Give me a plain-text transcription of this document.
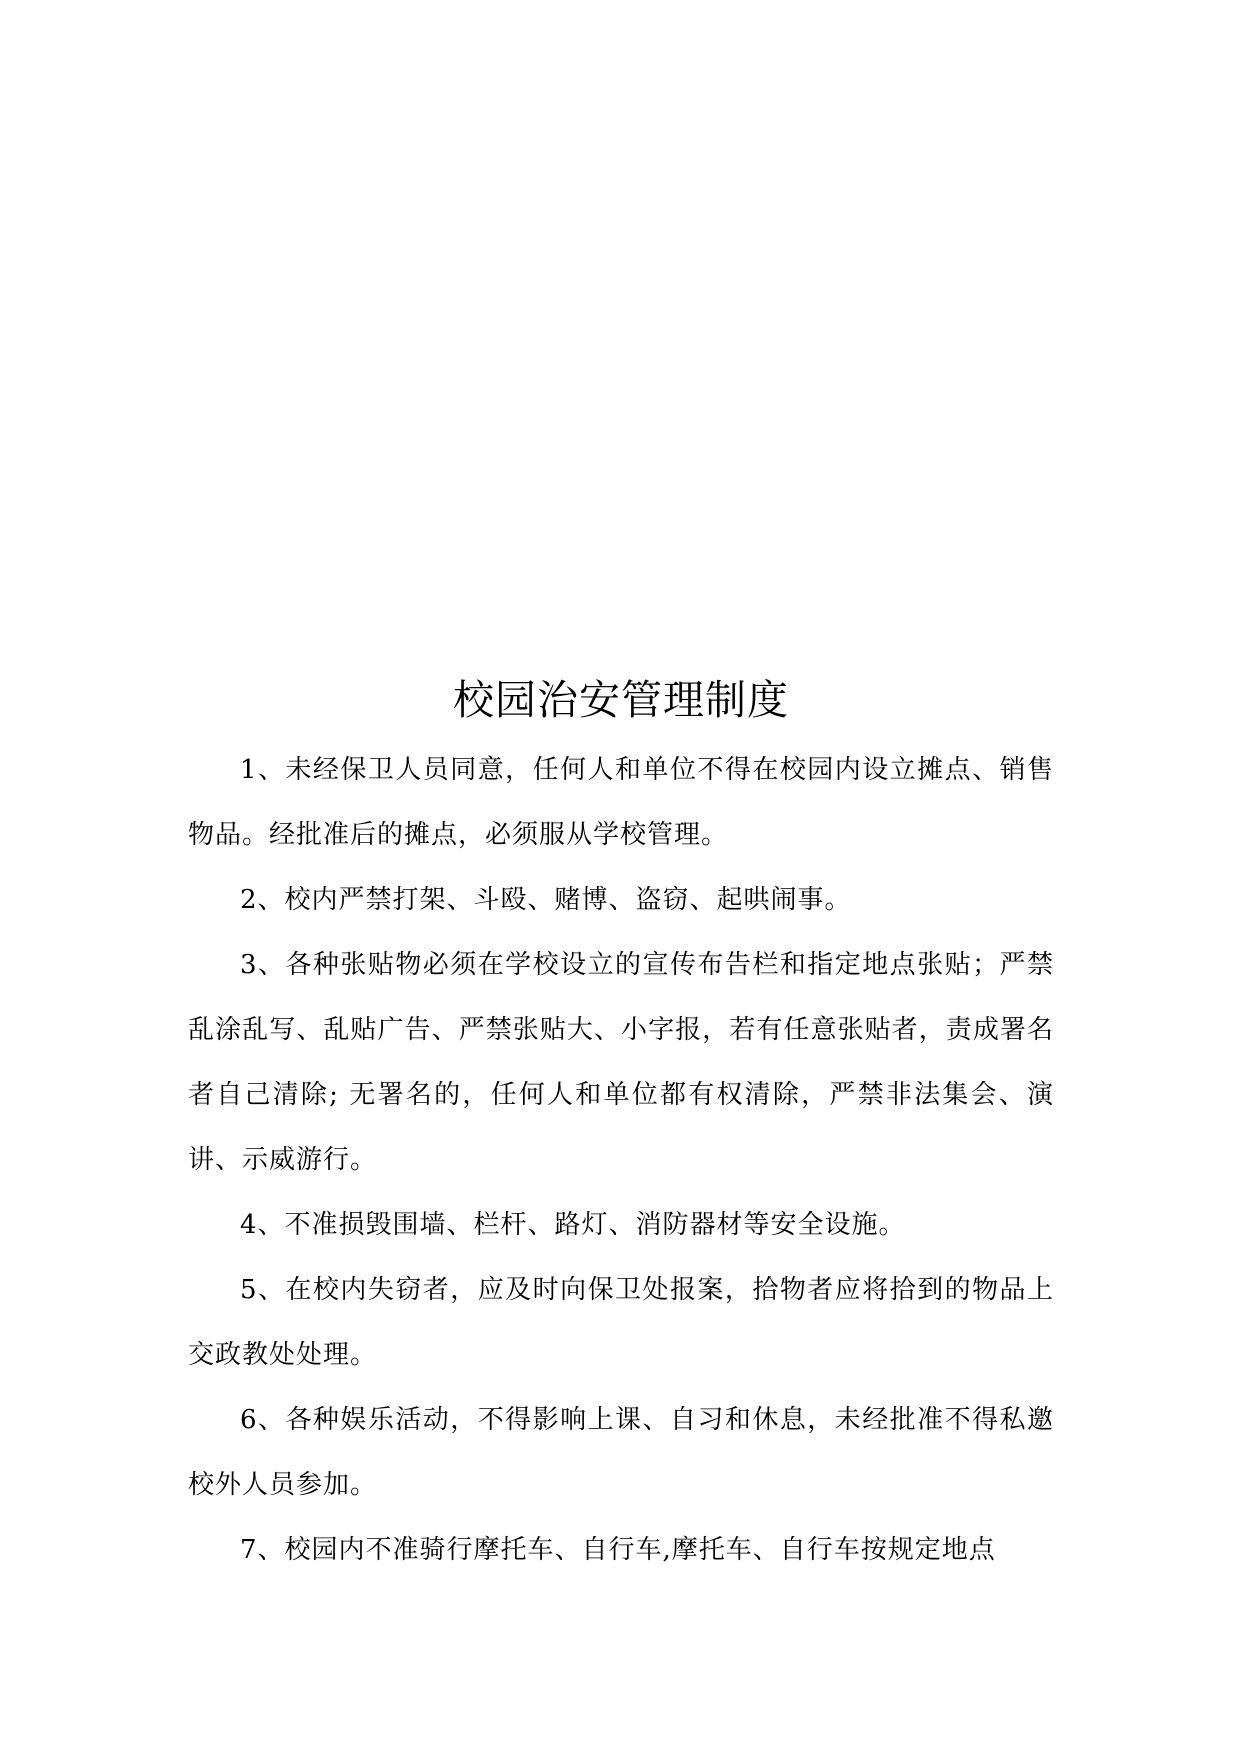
校园治安管理制度

1、未经保卫人员同意，任何人和单位不得在校园内设立摊点、销售物品。经批准后的摊点，必须服从学校管理。

2、校内严禁打架、斗殴、赌博、盗窃、起哄闹事。

3、各种张贴物必须在学校设立的宣传布告栏和指定地点张贴；严禁乱涂乱写、乱贴广告、严禁张贴大、小字报，若有任意张贴者，责成署名者自己清除; 无署名的，任何人和单位都有权清除，严禁非法集会、演讲、示威游行。

4、不准损毁围墙、栏杆、路灯、消防器材等安全设施。

5、在校内失窃者，应及时向保卫处报案，拾物者应将拾到的物品上交政教处处理。

6、各种娱乐活动，不得影响上课、自习和休息，未经批准不得私邀校外人员参加。

7、校园内不准骑行摩托车、自行车,摩托车、自行车按规定地点
